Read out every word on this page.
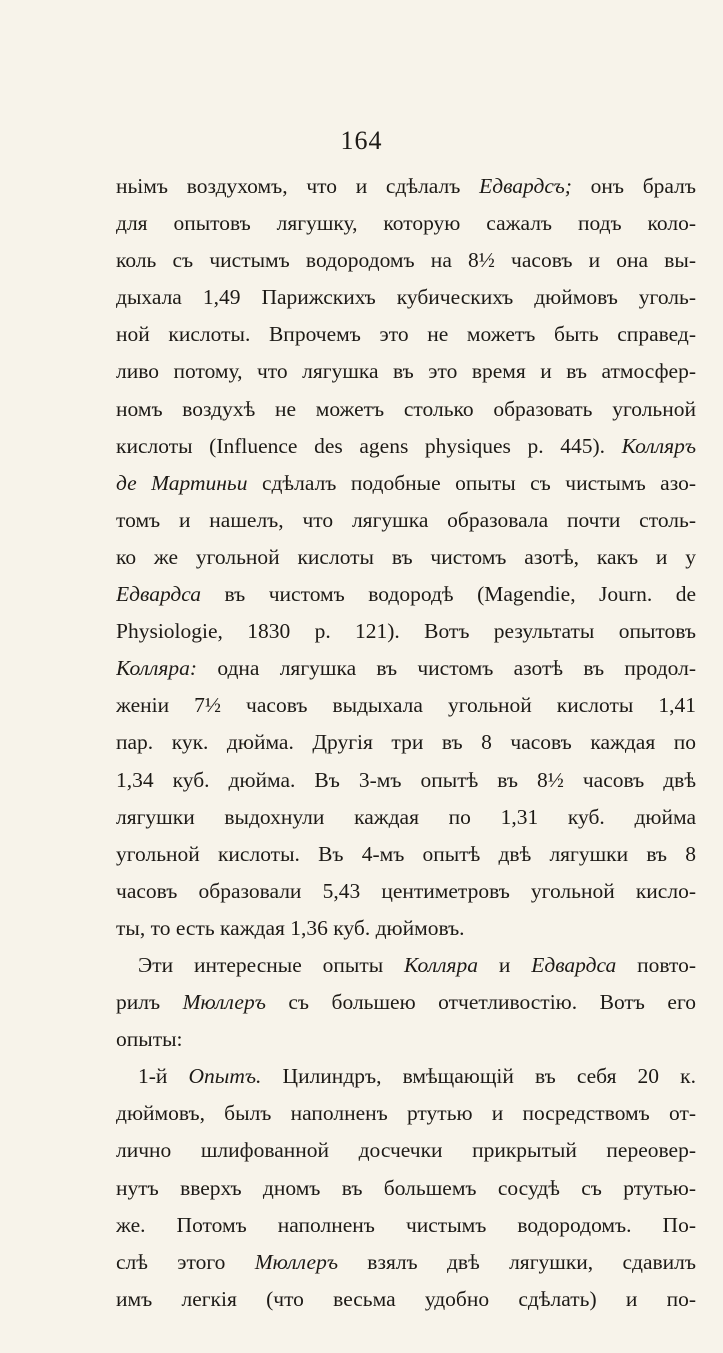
164
ньімъ воздухомъ, что и сдѣлалъ Едвардсъ; онъ бралъ
для опытовъ лягушку, которую сажалъ подъ коло-
коль съ чистымъ водородомъ на 8½ часовъ и она вы-
дыхала 1,49 Парижскихъ кубическихъ дюймовъ уголь-
ной кислоты. Впрочемъ это не можетъ быть справед-
ливо потому, что лягушка въ это время и въ атмосфер-
номъ воздухѣ не можетъ столько образовать угольной
кислоты (Influence des agens physiques p. 445). Колляръ
де Мартиньи сдѣлалъ подобные опыты съ чистымъ азо-
томъ и нашелъ, что лягушка образовала почти столь-
ко же угольной кислоты въ чистомъ азотѣ, какъ и у
Едвардса въ чистомъ водородѣ (Magendie, Journ. de
Physiologie, 1830 p. 121). Вотъ результаты опытовъ
Колляра: одна лягушка въ чистомъ азотѣ въ продол-
женіи 7½ часовъ выдыхала угольной кислоты 1,41
пар. кук. дюйма. Другія три въ 8 часовъ каждая по
1,34 куб. дюйма. Въ 3-мъ опытѣ въ 8½ часовъ двѣ
лягушки выдохнули каждая по 1,31 куб. дюйма
угольной кислоты. Въ 4-мъ опытѣ двѣ лягушки въ 8
часовъ образовали 5,43 центиметровъ угольной кисло-
ты, то есть каждая 1,36 куб. дюймовъ.
Эти интересные опыты Колляра и Едвардса повто-
рилъ Мюллеръ съ большею отчетливостію. Вотъ его
опыты:
1-й Опытъ. Цилиндръ, вмѣщающій въ себя 20 к.
дюймовъ, былъ наполненъ ртутью и посредствомъ от-
лично шлифованной досчечки прикрытый переовер-
нутъ вверхъ дномъ въ большемъ сосудѣ съ ртутью-
же. Потомъ наполненъ чистымъ водородомъ. По-
слѣ этого Мюллеръ взялъ двѣ лягушки, сдавилъ
имъ легкія (что весьма удобно сдѣлать) и по-
